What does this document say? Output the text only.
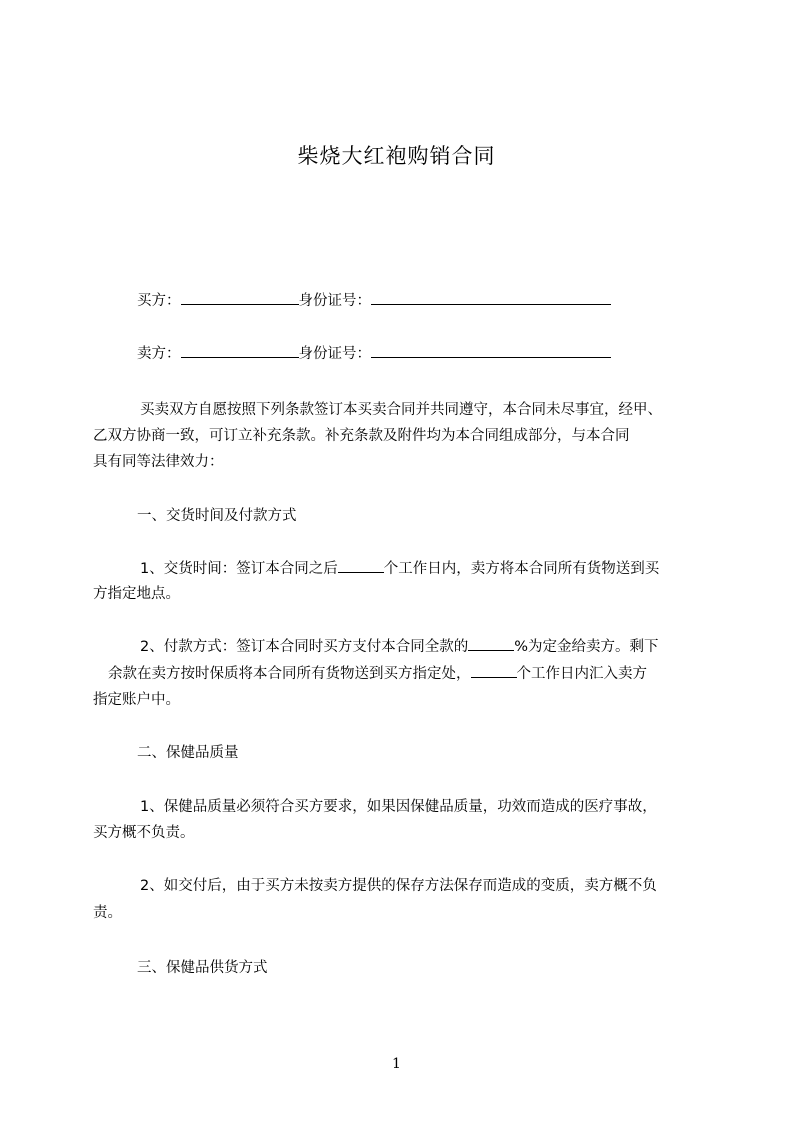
柴烧大红袍购销合同

买方：	身份证号：

卖方：	身份证号：

买卖双方自愿按照下列条款签订本买卖合同并共同遵守，本合同未尽事宜，经甲、

乙双方协商一致，可订立补充条款。补充条款及附件均为本合同组成部分，与本合同

具有同等法律效力：

一、交货时间及付款方式

1、交货时间：签订本合同之后	个工作日内，卖方将本合同所有货物送到买

方指定地点。

2、付款方式：签订本合同时买方支付本合同全款的	%为定金给卖方。剩下

余款在卖方按时保质将本合同所有货物送到买方指定处，	个工作日内汇入卖方

指定账户中。

二、保健品质量

1、保健品质量必须符合买方要求，如果因保健品质量，功效而造成的医疗事故，

买方概不负责。

2、如交付后，由于买方未按卖方提供的保存方法保存而造成的变质，卖方概不负

责。

三、保健品供货方式

1
